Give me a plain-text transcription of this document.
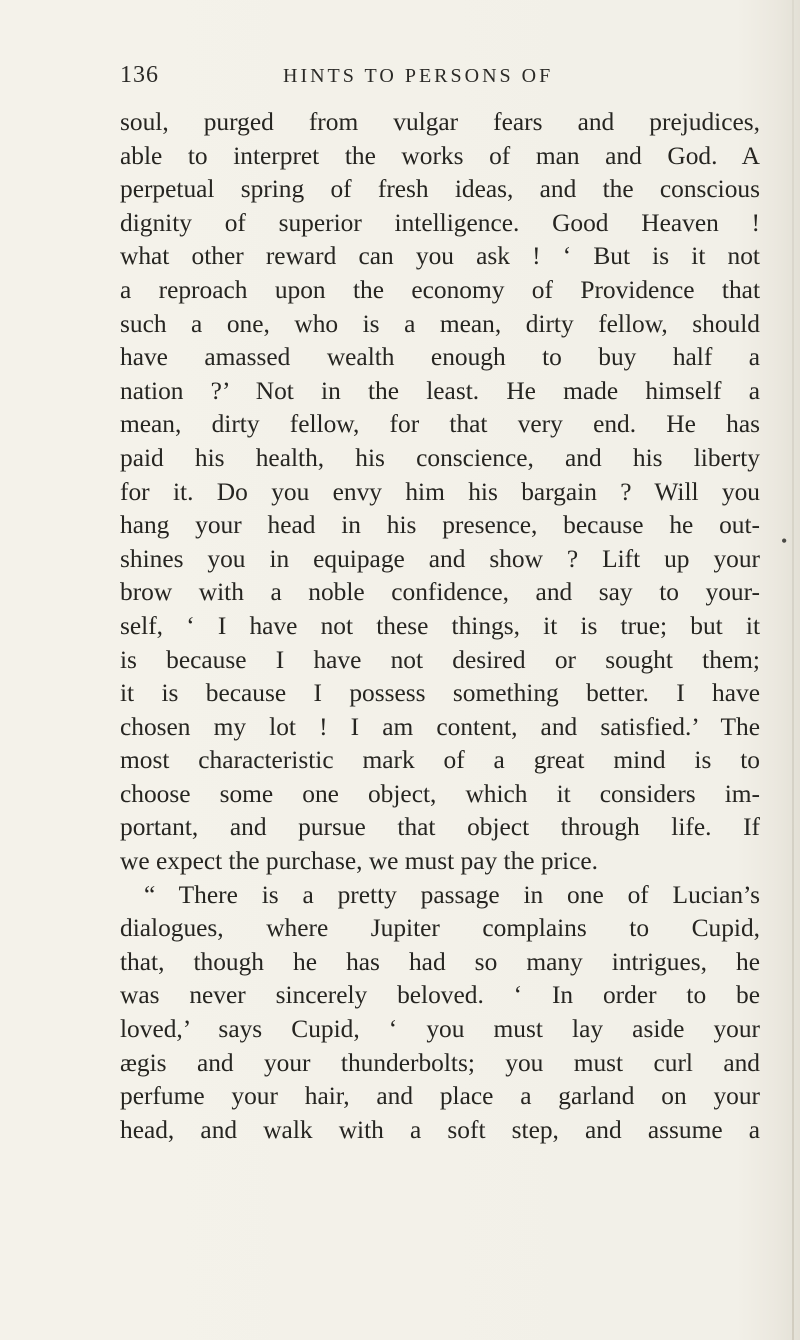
136	HINTS TO PERSONS OF
soul, purged from vulgar fears and prejudices,
able to interpret the works of man and God. A
perpetual spring of fresh ideas, and the conscious
dignity of superior intelligence. Good Heaven !
what other reward can you ask ! ‘ But is it not
a reproach upon the economy of Providence that
such a one, who is a mean, dirty fellow, should
have amassed wealth enough to buy half a
nation ?’ Not in the least. He made himself a
mean, dirty fellow, for that very end. He has
paid his health, his conscience, and his liberty
for it. Do you envy him his bargain ? Will you
hang your head in his presence, because he out-
shines you in equipage and show ? Lift up your
brow with a noble confidence, and say to your-
self, ‘ I have not these things, it is true; but it
is because I have not desired or sought them;
it is because I possess something better. I have
chosen my lot ! I am content, and satisfied.’ The
most characteristic mark of a great mind is to
choose some one object, which it considers im-
portant, and pursue that object through life. If
we expect the purchase, we must pay the price.
“ There is a pretty passage in one of Lucian’s
dialogues, where Jupiter complains to Cupid,
that, though he has had so many intrigues, he
was never sincerely beloved. ‘ In order to be
loved,’ says Cupid, ‘ you must lay aside your
ægis and your thunderbolts; you must curl and
perfume your hair, and place a garland on your
head, and walk with a soft step, and assume a
•
